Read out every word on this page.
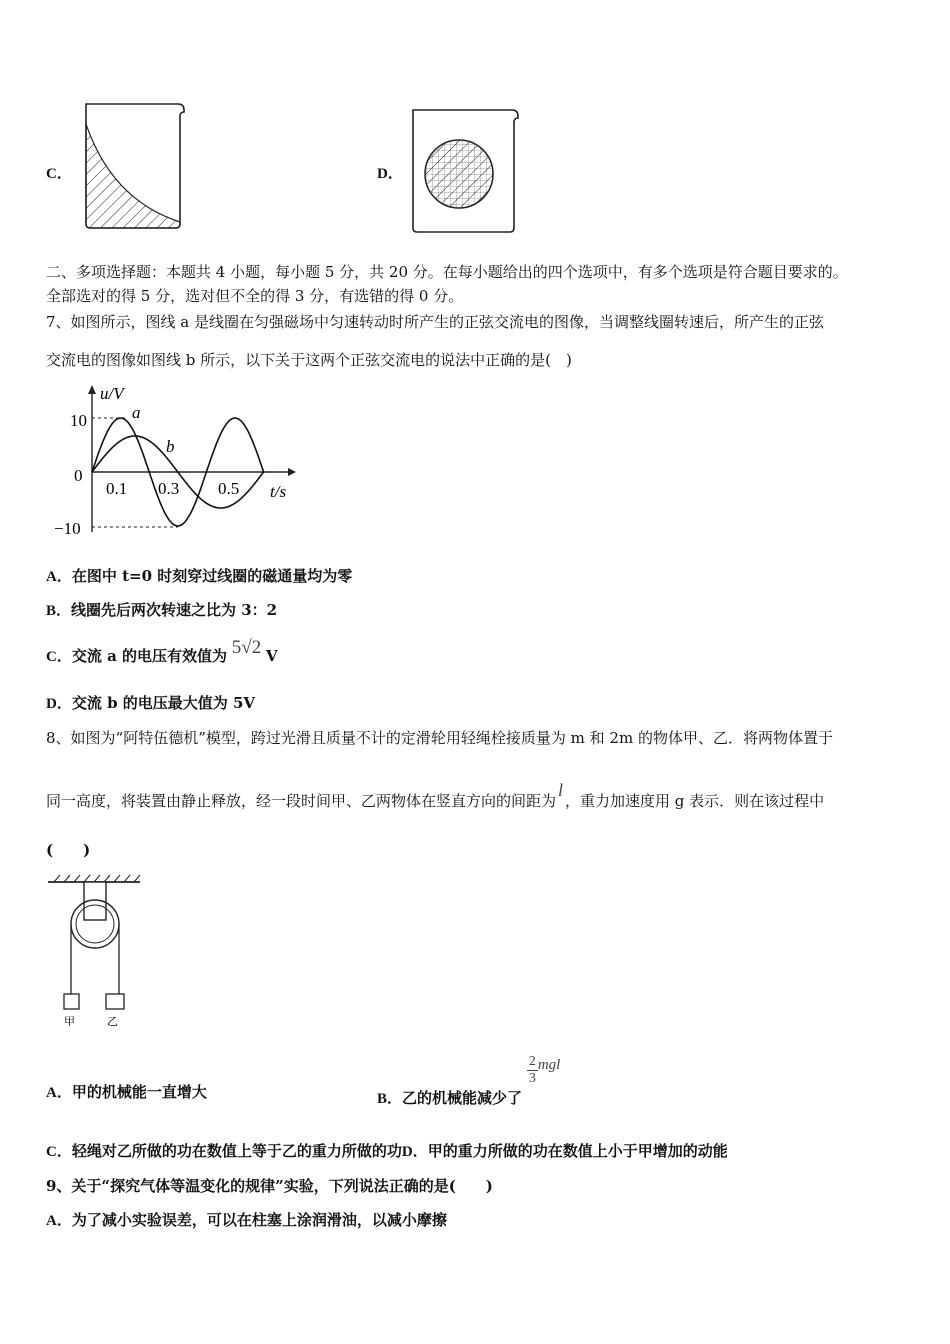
C．	D．
二、多项选择题：本题共 4 小题，每小题 5 分，共 20 分。在每小题给出的四个选项中，有多个选项是符合题目要求的。
全部选对的得 5 分，选对但不全的得 3 分，有选错的得 0 分。
7、如图所示，图线 a 是线圈在匀强磁场中匀速转动时所产生的正弦交流电的图像，当调整线圈转速后，所产生的正弦
交流电的图像如图线 b 所示，以下关于这两个正弦交流电的说法中正确的是(　)
u/V
t/s
10
0
−10
0.1 0.3 0.5
a
b
A．在图中 t=0 时刻穿过线圈的磁通量均为零
B．线圈先后两次转速之比为 3：2
C．交流 a 的电压有效值为 5√2 V
D．交流 b 的电压最大值为 5V
8、如图为“阿特伍德机”模型，跨过光滑且质量不计的定滑轮用轻绳栓接质量为 m 和 2m 的物体甲、乙．将两物体置于
同一高度，将装置由静止释放，经一段时间甲、乙两物体在竖直方向的间距为l，重力加速度用 g 表示．则在该过程中
(　　)
甲	乙
A．甲的机械能一直增大	B．乙的机械能减少了
$\frac{2}{3}$ mgl
C．轻绳对乙所做的功在数值上等于乙的重力所做的功D．甲的重力所做的功在数值上小于甲增加的动能
9、关于“探究气体等温变化的规律”实验，下列说法正确的是(　　)
A．为了减小实验误差，可以在柱塞上涂润滑油，以减小摩擦
